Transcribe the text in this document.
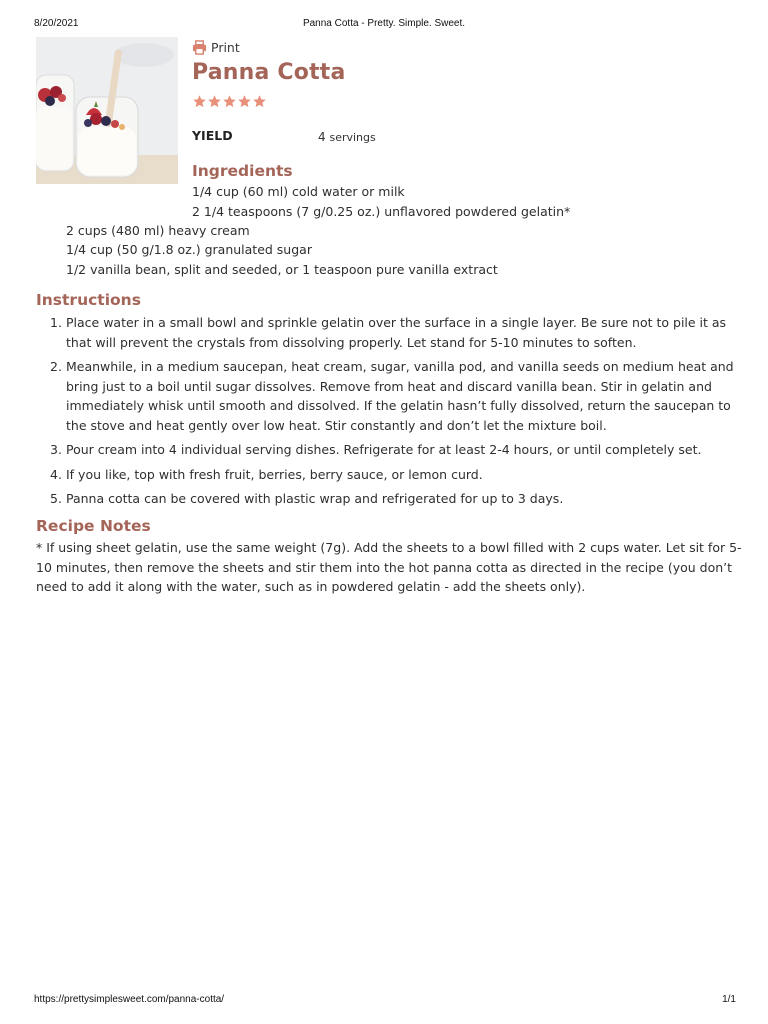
8/20/2021	Panna Cotta - Pretty. Simple. Sweet.
Print
Panna Cotta
YIELD	4 servings
Ingredients
1/4 cup (60 ml) cold water or milk
2 1/4 teaspoons (7 g/0.25 oz.) unflavored powdered gelatin*
2 cups (480 ml) heavy cream
1/4 cup (50 g/1.8 oz.) granulated sugar
1/2 vanilla bean, split and seeded, or 1 teaspoon pure vanilla extract
Instructions
1. Place water in a small bowl and sprinkle gelatin over the surface in a single layer. Be sure not to pile it as that will prevent the crystals from dissolving properly. Let stand for 5-10 minutes to soften.
2. Meanwhile, in a medium saucepan, heat cream, sugar, vanilla pod, and vanilla seeds on medium heat and bring just to a boil until sugar dissolves. Remove from heat and discard vanilla bean. Stir in gelatin and immediately whisk until smooth and dissolved. If the gelatin hasn’t fully dissolved, return the saucepan to the stove and heat gently over low heat. Stir constantly and don’t let the mixture boil.
3. Pour cream into 4 individual serving dishes. Refrigerate for at least 2-4 hours, or until completely set.
4. If you like, top with fresh fruit, berries, berry sauce, or lemon curd.
5. Panna cotta can be covered with plastic wrap and refrigerated for up to 3 days.
Recipe Notes
* If using sheet gelatin, use the same weight (7g). Add the sheets to a bowl filled with 2 cups water. Let sit for 5-10 minutes, then remove the sheets and stir them into the hot panna cotta as directed in the recipe (you don’t need to add it along with the water, such as in powdered gelatin - add the sheets only).
https://prettysimplesweet.com/panna-cotta/	1/1
